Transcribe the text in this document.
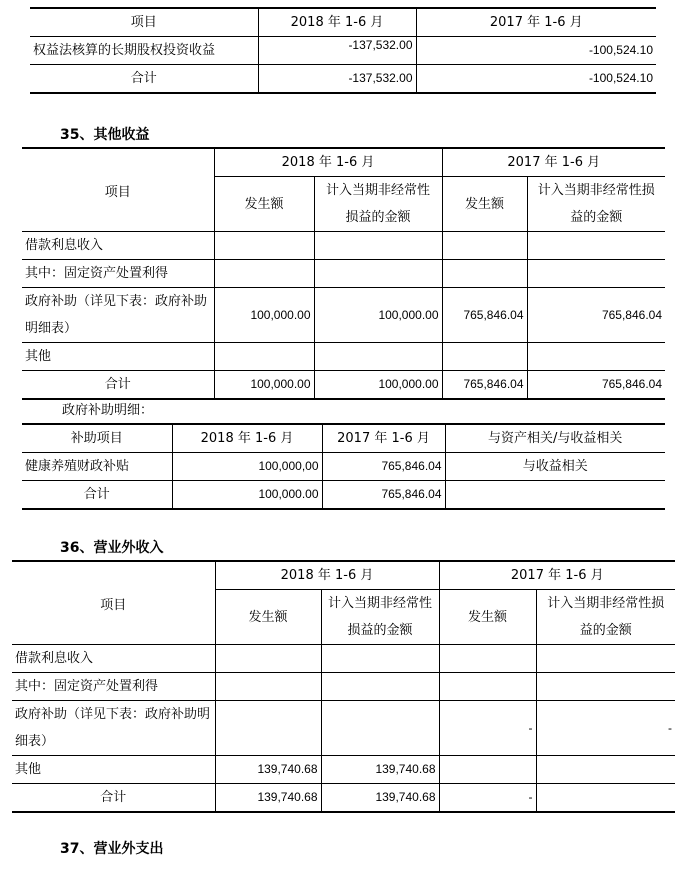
项目	2018 年 1-6 月	2017 年 1-6 月
权益法核算的长期股权投资收益	-137,532.00	-100,524.10
合计	-137,532.00	-100,524.10
35、其他收益
项目	2018 年 1-6 月		2017 年 1-6 月	
	发生额	计入当期非经常性损益的金额	发生额	计入当期非经常性损益的金额

借款利息收入				
其中：固定资产处置利得				
政府补助（详见下表：政府补助明细表）	100,000.00	100,000.00	765,846.04	765,846.04
其他				
合计	100,000.00	100,000.00	765,846.04	765,846.04
政府补助明细：
补助项目	2018 年 1-6 月	2017 年 1-6 月	与资产相关/与收益相关
健康养殖财政补贴	100,000,00	765,846.04	与收益相关
合计	100,000.00	765,846.04	
36、营业外收入
项目	2018 年 1-6 月		2017 年 1-6 月	
	发生额	计入当期非经常性损益的金额	发生额	计入当期非经常性损益的金额

借款利息收入				
其中：固定资产处置利得				
政府补助（详见下表：政府补助明细表）			-	-
其他	139,740.68	139,740.68		
合计	139,740.68	139,740.68	-	
37、营业外支出
